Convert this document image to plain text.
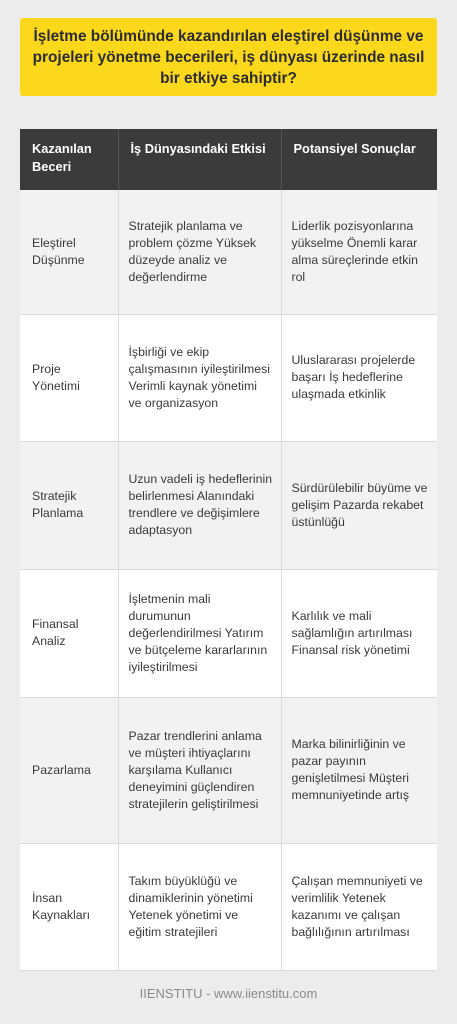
İşletme bölümünde kazandırılan eleştirel düşünme ve projeleri yönetme becerileri, iş dünyası üzerinde nasıl bir etkiye sahiptir?
Kazanılan Beceri	İş Dünyasındaki Etkisi	Potansiyel Sonuçlar
Eleştirel Düşünme	Stratejik planlama ve problem çözme Yüksek düzeyde analiz ve değerlendirme	Liderlik pozisyonlarına yükselme Önemli karar alma süreçlerinde etkin rol
Proje Yönetimi	İşbirliği ve ekip çalışmasının iyileştirilmesi Verimli kaynak yönetimi ve organizasyon	Uluslararası projelerde başarı İş hedeflerine ulaşmada etkinlik
Stratejik Planlama	Uzun vadeli iş hedeflerinin belirlenmesi Alanındaki trendlere ve değişimlere adaptasyon	Sürdürülebilir büyüme ve gelişim Pazarda rekabet üstünlüğü
Finansal Analiz	İşletmenin mali durumunun değerlendirilmesi Yatırım ve bütçeleme kararlarının iyileştirilmesi	Karlılık ve mali sağlamlığın artırılması Finansal risk yönetimi
Pazarlama	Pazar trendlerini anlama ve müşteri ihtiyaçlarını karşılama Kullanıcı deneyimini güçlendiren stratejilerin geliştirilmesi	Marka bilinirliğinin ve pazar payının genişletilmesi Müşteri memnuniyetinde artış
İnsan Kaynakları	Takım büyüklüğü ve dinamiklerinin yönetimi Yetenek yönetimi ve eğitim stratejileri	Çalışan memnuniyeti ve verimlilik Yetenek kazanımı ve çalışan bağlılığının artırılması
IIENSTITU - www.iienstitu.com
